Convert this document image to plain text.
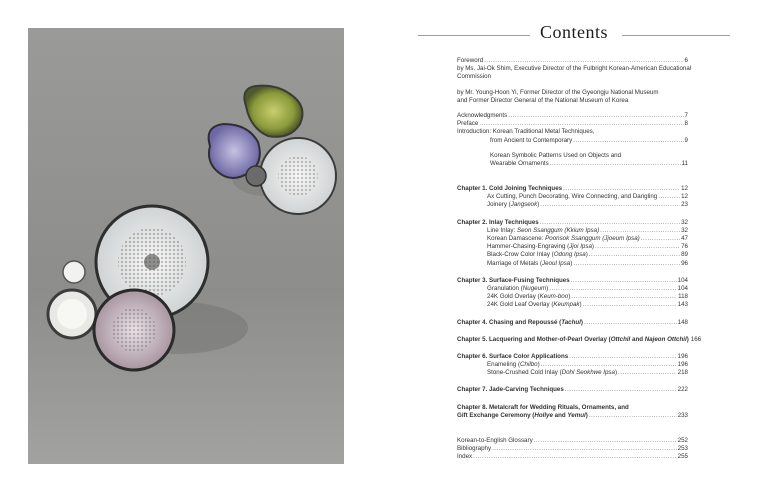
Contents
Foreword . . .	6
by Ms. Jai-Ok Shim, Executive Director of the Fulbright Korean-American Educational
Commission
by Mr. Young-Hoon Yi, Former Director of the Gyeongju National Museum
and Former Director General of the National Museum of Korea
Acknowledgments . . .	7
Preface . . .	8
Introduction: Korean Traditional Metal Techniques,
from Ancient to Contemporary . . .	9
Korean Symbolic Patterns Used on Objects and
Wearable Ornaments . . .	11
Chapter 1. Cold Joining Techniques . . .	12
Ax Cutting, Punch Decorating, Wire Connecting, and Dangling . . .	12
Joinery (Jangseok) . . .	23
Chapter 2. Inlay Techniques . . .	32
Line Inlay: Seon Ssanggum (Kkium Ipsa) . . .	32
Korean Damascene: Poonsok Ssanggum (Jjoeum Ipsa) . . .	47
Hammer-Chasing-Engraving (Jjoi Ipsa) . . .	76
Black-Crow Color Inlay (Odong Ipsa) . . .	89
Marriage of Metals (Jeoul Ipsa) . . .	96
Chapter 3. Surface-Fusing Techniques . . .	104
Granulation (Nugeum) . . .	104
24K Gold Overlay (Keum-boo) . . .	118
24K Gold Leaf Overlay (Keumpak) . . .	143
Chapter 4. Chasing and Repoussé (Tachul) . . .	148
Chapter 5. Lacquering and Mother-of-Pearl Overlay (Ottchil and Najeon Ottchil) 166
Chapter 6. Surface Color Applications . . .	196
Enameling (Chilbo) . . .	196
Stone-Crushed Cold Inlay (Dohl Seokhwe Ipsa) . . .	218
Chapter 7. Jade-Carving Techniques . . .	222
Chapter 8. Metalcraft for Wedding Rituals, Ornaments, and
Gift Exchange Ceremony (Hollye and Yemul) . . .	233
Korean-to-English Glossary . . .	252
Bibliography . . .	253
Index . . .	255
